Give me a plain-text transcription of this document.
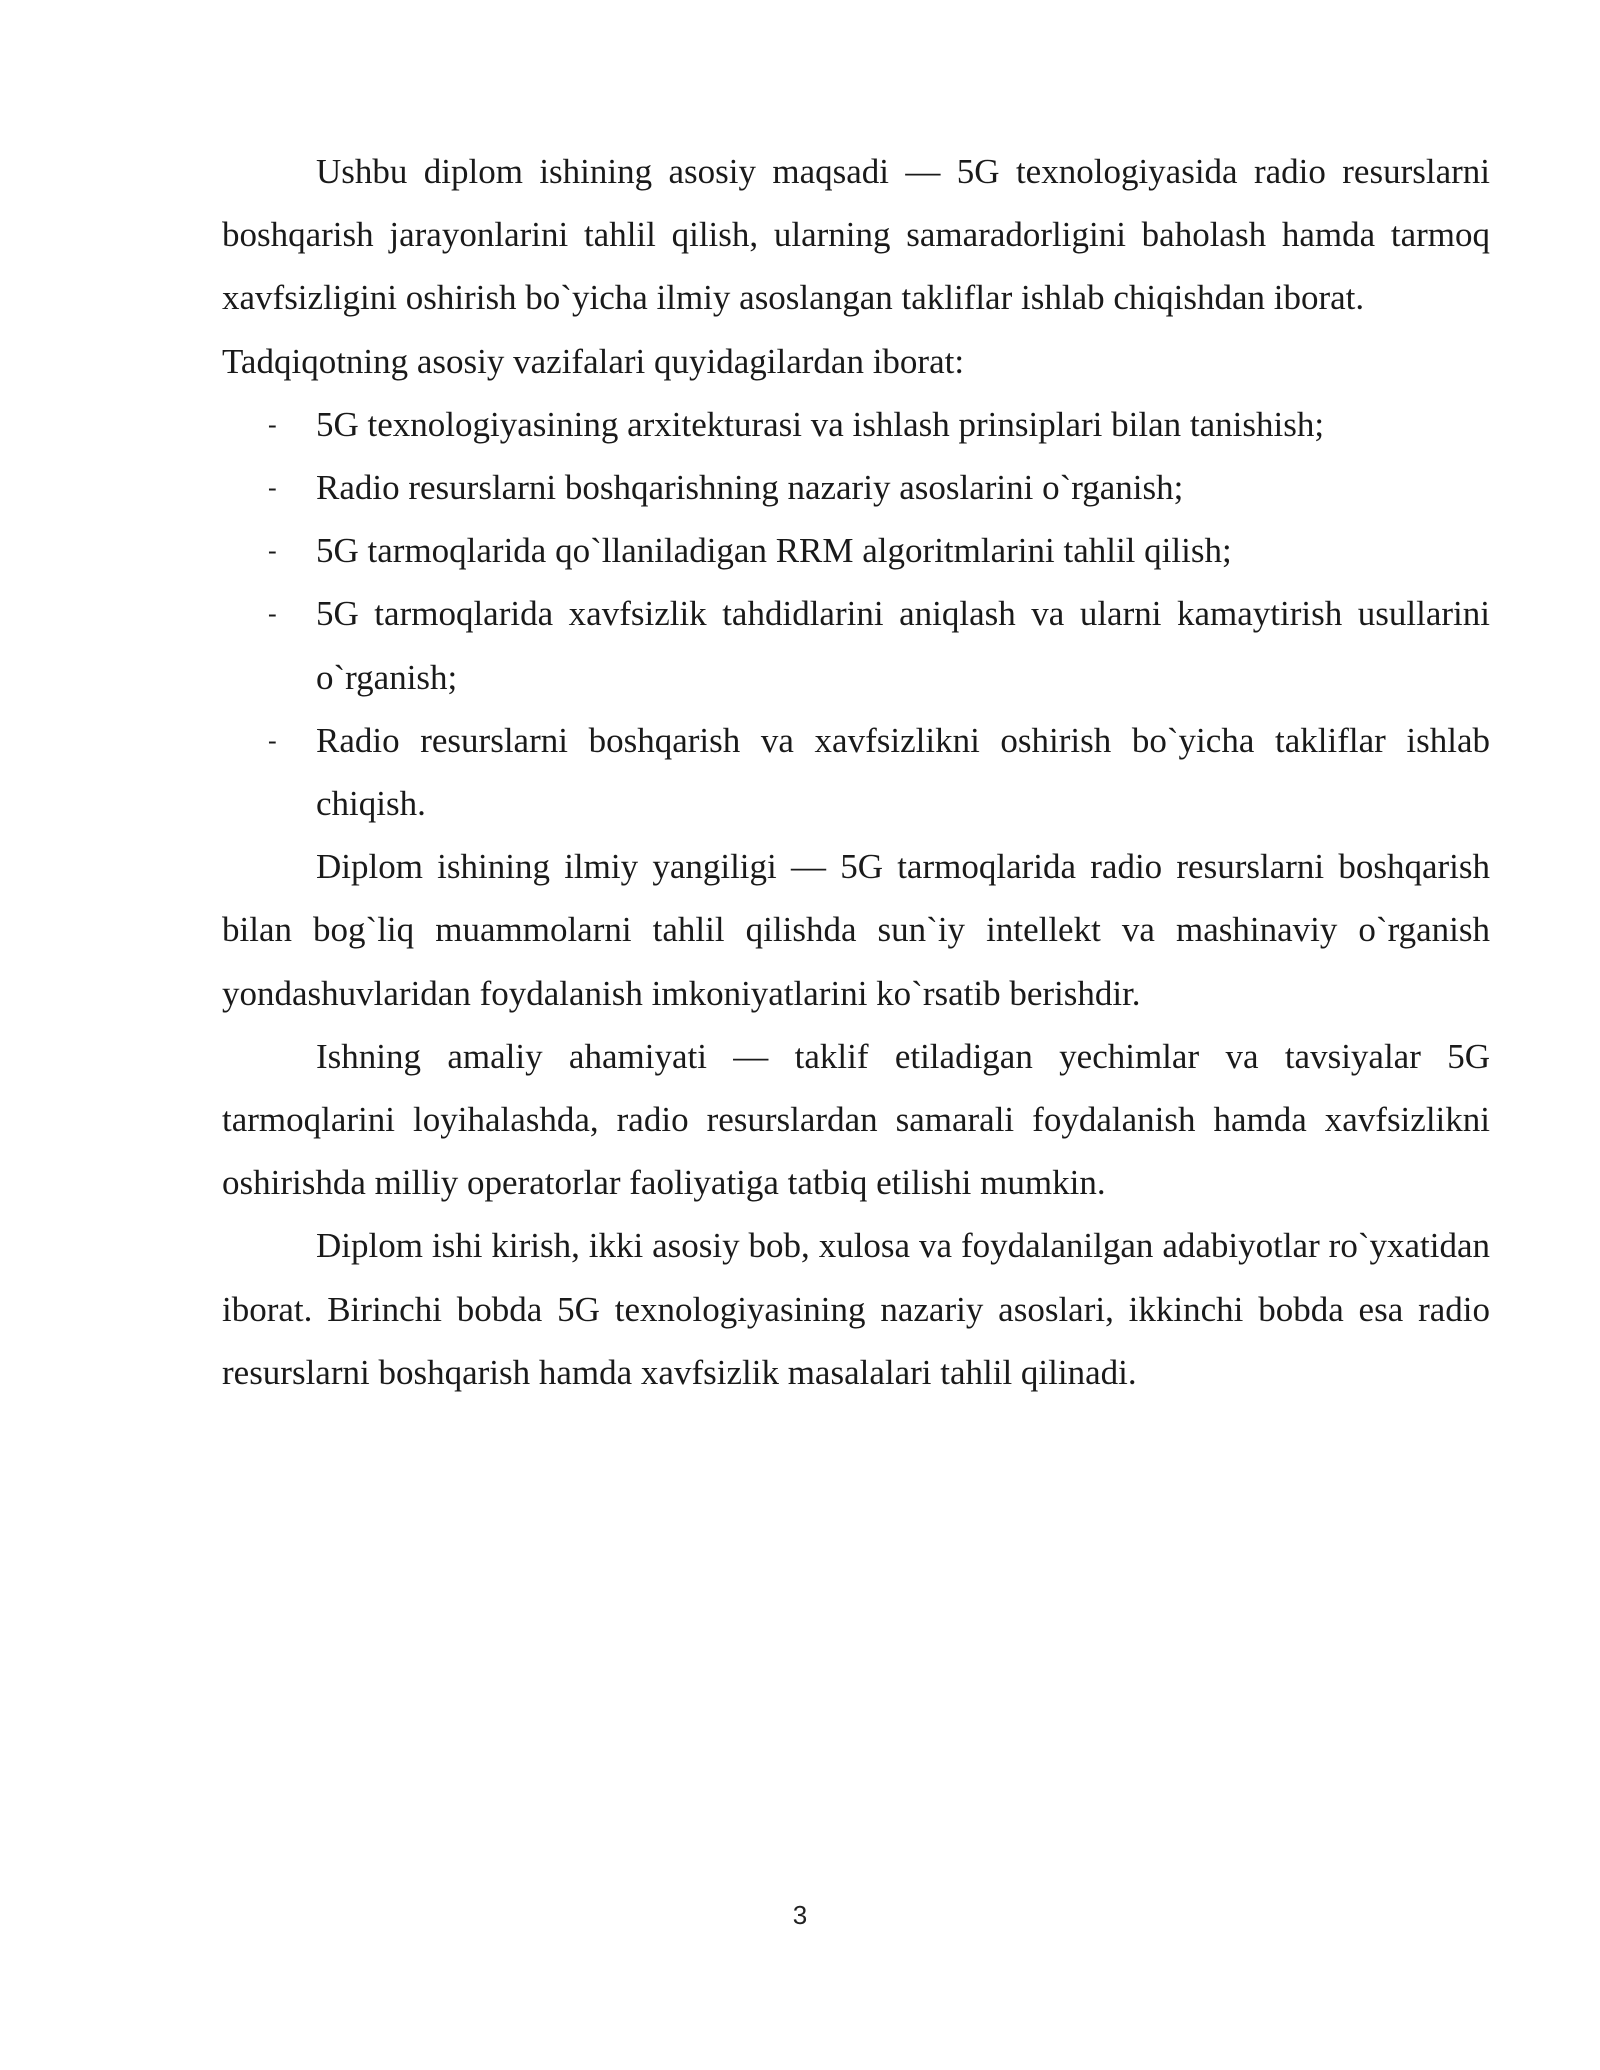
Ushbu diplom ishining asosiy maqsadi — 5G texnologiyasida radio resurslarni boshqarish jarayonlarini tahlil qilish, ularning samaradorligini baholash hamda tarmoq xavfsizligini oshirish bo`yicha ilmiy asoslangan takliflar ishlab chiqishdan iborat.

Tadqiqotning asosiy vazifalari quyidagilardan iborat:

- 5G texnologiyasining arxitekturasi va ishlash prinsiplari bilan tanishish;
- Radio resurslarni boshqarishning nazariy asoslarini o`rganish;
- 5G tarmoqlarida qo`llaniladigan RRM algoritmlarini tahlil qilish;
- 5G tarmoqlarida xavfsizlik tahdidlarini aniqlash va ularni kamaytirish usullarini o`rganish;
- Radio resurslarni boshqarish va xavfsizlikni oshirish bo`yicha takliflar ishlab chiqish.

Diplom ishining ilmiy yangiligi — 5G tarmoqlarida radio resurslarni boshqarish bilan bog`liq muammolarni tahlil qilishda sun`iy intellekt va mashinaviy o`rganish yondashuvlaridan foydalanish imkoniyatlarini ko`rsatib berishdir.

Ishning amaliy ahamiyati — taklif etiladigan yechimlar va tavsiyalar 5G tarmoqlarini loyihalashda, radio resurslardan samarali foydalanish hamda xavfsizlikni oshirishda milliy operatorlar faoliyatiga tatbiq etilishi mumkin.

Diplom ishi kirish, ikki asosiy bob, xulosa va foydalanilgan adabiyotlar ro`yxatidan iborat. Birinchi bobda 5G texnologiyasining nazariy asoslari, ikkinchi bobda esa radio resurslarni boshqarish hamda xavfsizlik masalalari tahlil qilinadi.

3
